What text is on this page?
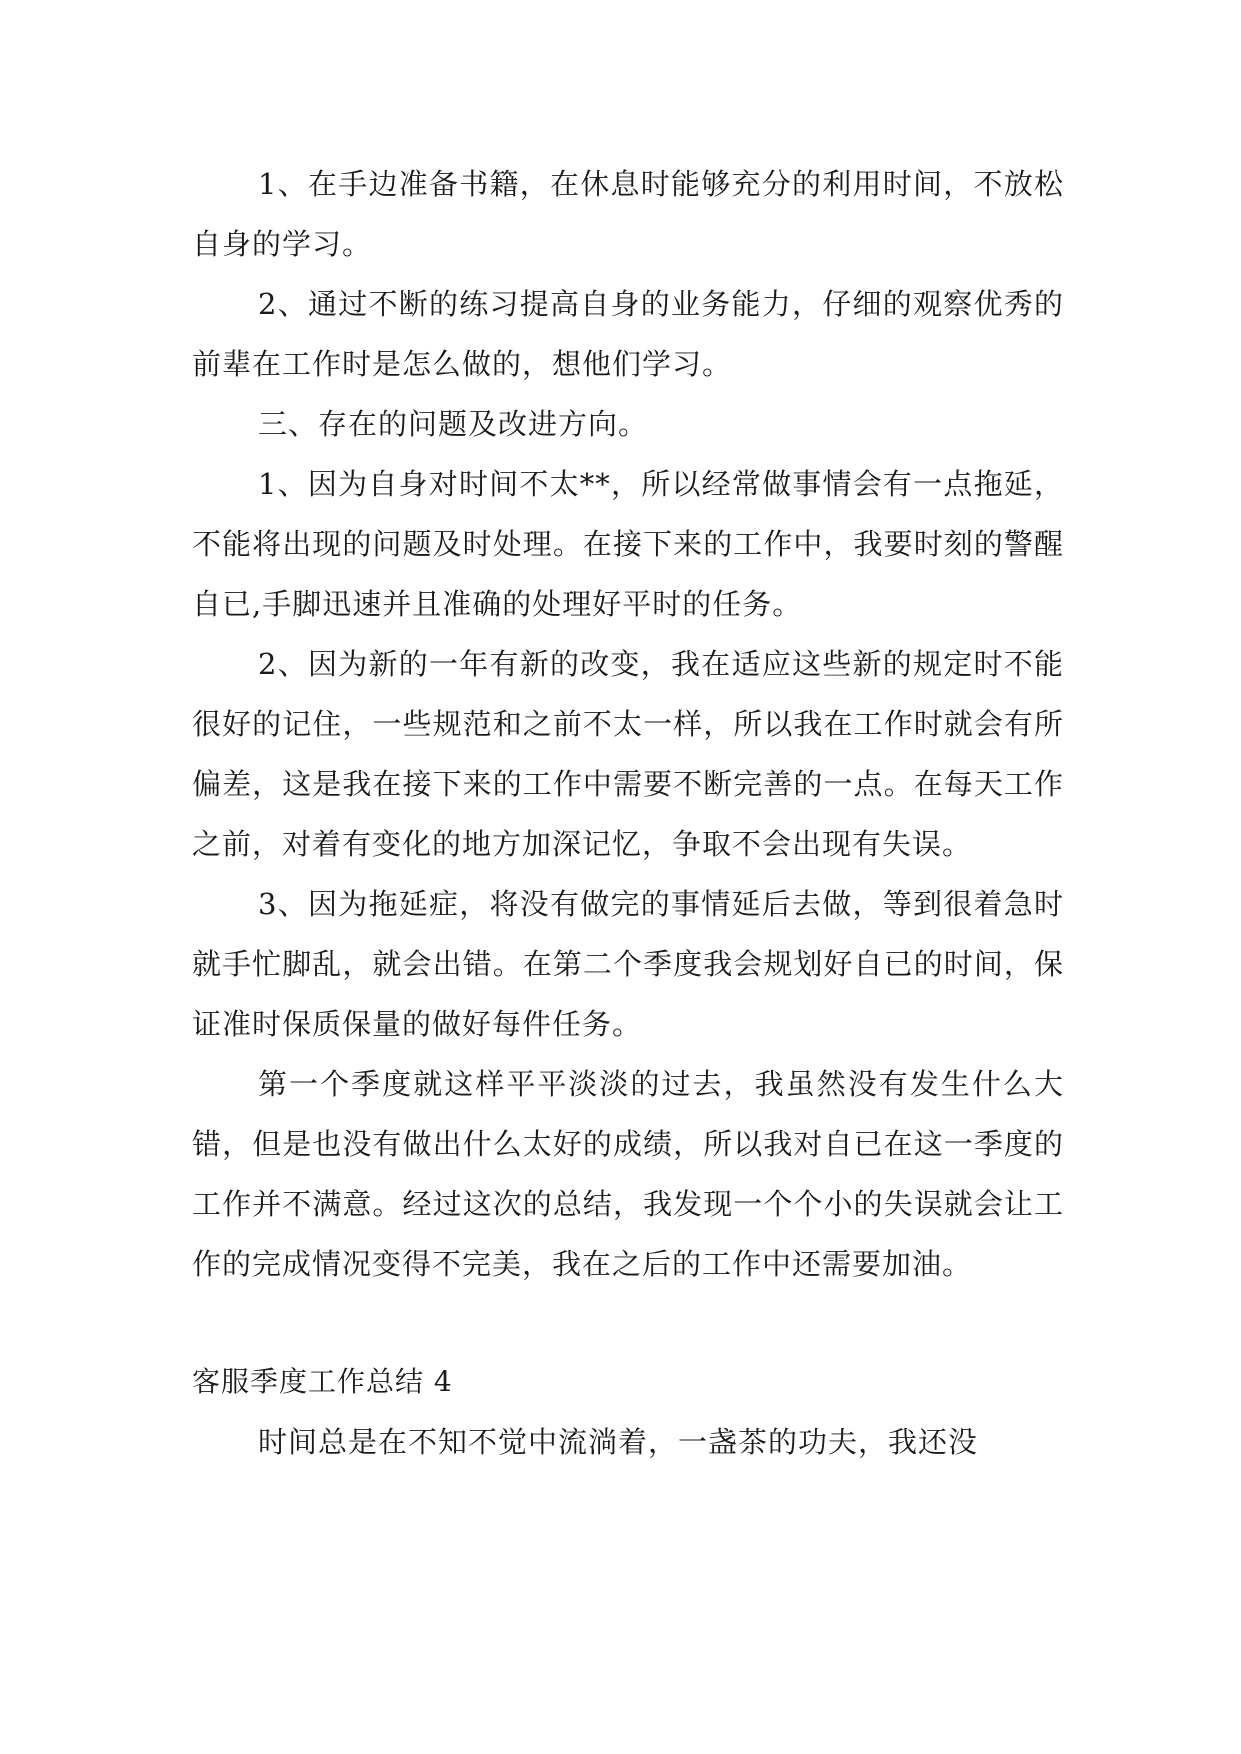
1、在手边准备书籍，在休息时能够充分的利用时间，不放松自身的学习。

2、通过不断的练习提高自身的业务能力，仔细的观察优秀的前辈在工作时是怎么做的，想他们学习。

三、存在的问题及改进方向。

1、因为自身对时间不太**，所以经常做事情会有一点拖延，不能将出现的问题及时处理。在接下来的工作中，我要时刻的警醒自已,手脚迅速并且准确的处理好平时的任务。

2、因为新的一年有新的改变，我在适应这些新的规定时不能很好的记住，一些规范和之前不太一样，所以我在工作时就会有所偏差，这是我在接下来的工作中需要不断完善的一点。在每天工作之前，对着有变化的地方加深记忆，争取不会出现有失误。

3、因为拖延症，将没有做完的事情延后去做，等到很着急时就手忙脚乱，就会出错。在第二个季度我会规划好自已的时间，保证准时保质保量的做好每件任务。

第一个季度就这样平平淡淡的过去，我虽然没有发生什么大错，但是也没有做出什么太好的成绩，所以我对自已在这一季度的工作并不满意。经过这次的总结，我发现一个个小的失误就会让工作的完成情况变得不完美，我在之后的工作中还需要加油。

客服季度工作总结 4

时间总是在不知不觉中流淌着，一盏茶的功夫，我还没
